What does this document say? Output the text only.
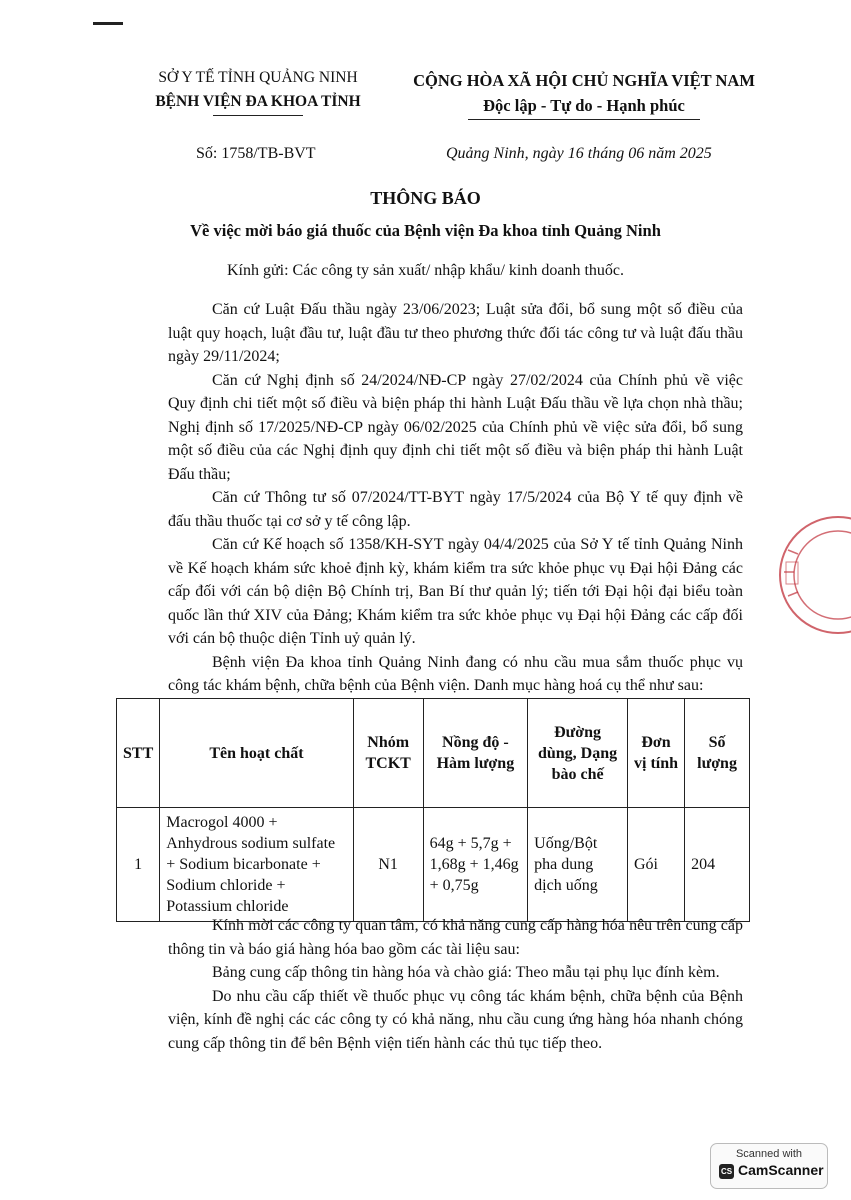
SỞ Y TẾ TỈNH QUẢNG NINH
BỆNH VIỆN ĐA KHOA TỈNH
CỘNG HÒA XÃ HỘI CHỦ NGHĨA VIỆT NAM
Độc lập - Tự do - Hạnh phúc
Số: 1758/TB-BVT	Quảng Ninh, ngày 16 tháng 06 năm 2025
THÔNG BÁO
Về việc mời báo giá thuốc của Bệnh viện Đa khoa tỉnh Quảng Ninh
Kính gửi: Các công ty sản xuất/ nhập khẩu/ kinh doanh thuốc.

Căn cứ Luật Đấu thầu ngày 23/06/2023; Luật sửa đổi, bổ sung một số điều của luật quy hoạch, luật đầu tư, luật đầu tư theo phương thức đối tác công tư và luật đấu thầu ngày 29/11/2024;

Căn cứ Nghị định số 24/2024/NĐ-CP ngày 27/02/2024 của Chính phủ về việc Quy định chi tiết một số điều và biện pháp thi hành Luật Đấu thầu về lựa chọn nhà thầu; Nghị định số 17/2025/NĐ-CP ngày 06/02/2025 của Chính phủ về việc sửa đổi, bổ sung một số điều của các Nghị định quy định chi tiết một số điều và biện pháp thi hành Luật Đấu thầu;

Căn cứ Thông tư số 07/2024/TT-BYT ngày 17/5/2024 của Bộ Y tế quy định về đấu thầu thuốc tại cơ sở y tế công lập.

Căn cứ Kế hoạch số 1358/KH-SYT ngày 04/4/2025 của Sở Y tế tỉnh Quảng Ninh về Kế hoạch khám sức khoẻ định kỳ, khám kiểm tra sức khỏe phục vụ Đại hội Đảng các cấp đối với cán bộ diện Bộ Chính trị, Ban Bí thư quản lý; tiến tới Đại hội đại biểu toàn quốc lần thứ XIV của Đảng; Khám kiểm tra sức khỏe phục vụ Đại hội Đảng các cấp đối với cán bộ thuộc diện Tỉnh uỷ quản lý.

Bệnh viện Đa khoa tỉnh Quảng Ninh đang có nhu cầu mua sắm thuốc phục vụ công tác khám bệnh, chữa bệnh của Bệnh viện. Danh mục hàng hoá cụ thể như sau:

STT	Tên hoạt chất	Nhóm TCKT	Nồng độ - Hàm lượng	Đường dùng, Dạng bào chế	Đơn vị tính	Số lượng
1	Macrogol 4000 + Anhydrous sodium sulfate + Sodium bicarbonate + Sodium chloride + Potassium chloride	N1	64g + 5,7g + 1,68g + 1,46g + 0,75g	Uống/Bột pha dung dịch uống	Gói	204

Kính mời các công ty quan tâm, có khả năng cung cấp hàng hóa nêu trên cung cấp thông tin và báo giá hàng hóa bao gồm các tài liệu sau:

Bảng cung cấp thông tin hàng hóa và chào giá: Theo mẫu tại phụ lục đính kèm.

Do nhu cầu cấp thiết về thuốc phục vụ công tác khám bệnh, chữa bệnh của Bệnh viện, kính đề nghị các các công ty có khả năng, nhu cầu cung ứng hàng hóa nhanh chóng cung cấp thông tin để bên Bệnh viện tiến hành các thủ tục tiếp theo.

Scanned with
CS CamScanner
